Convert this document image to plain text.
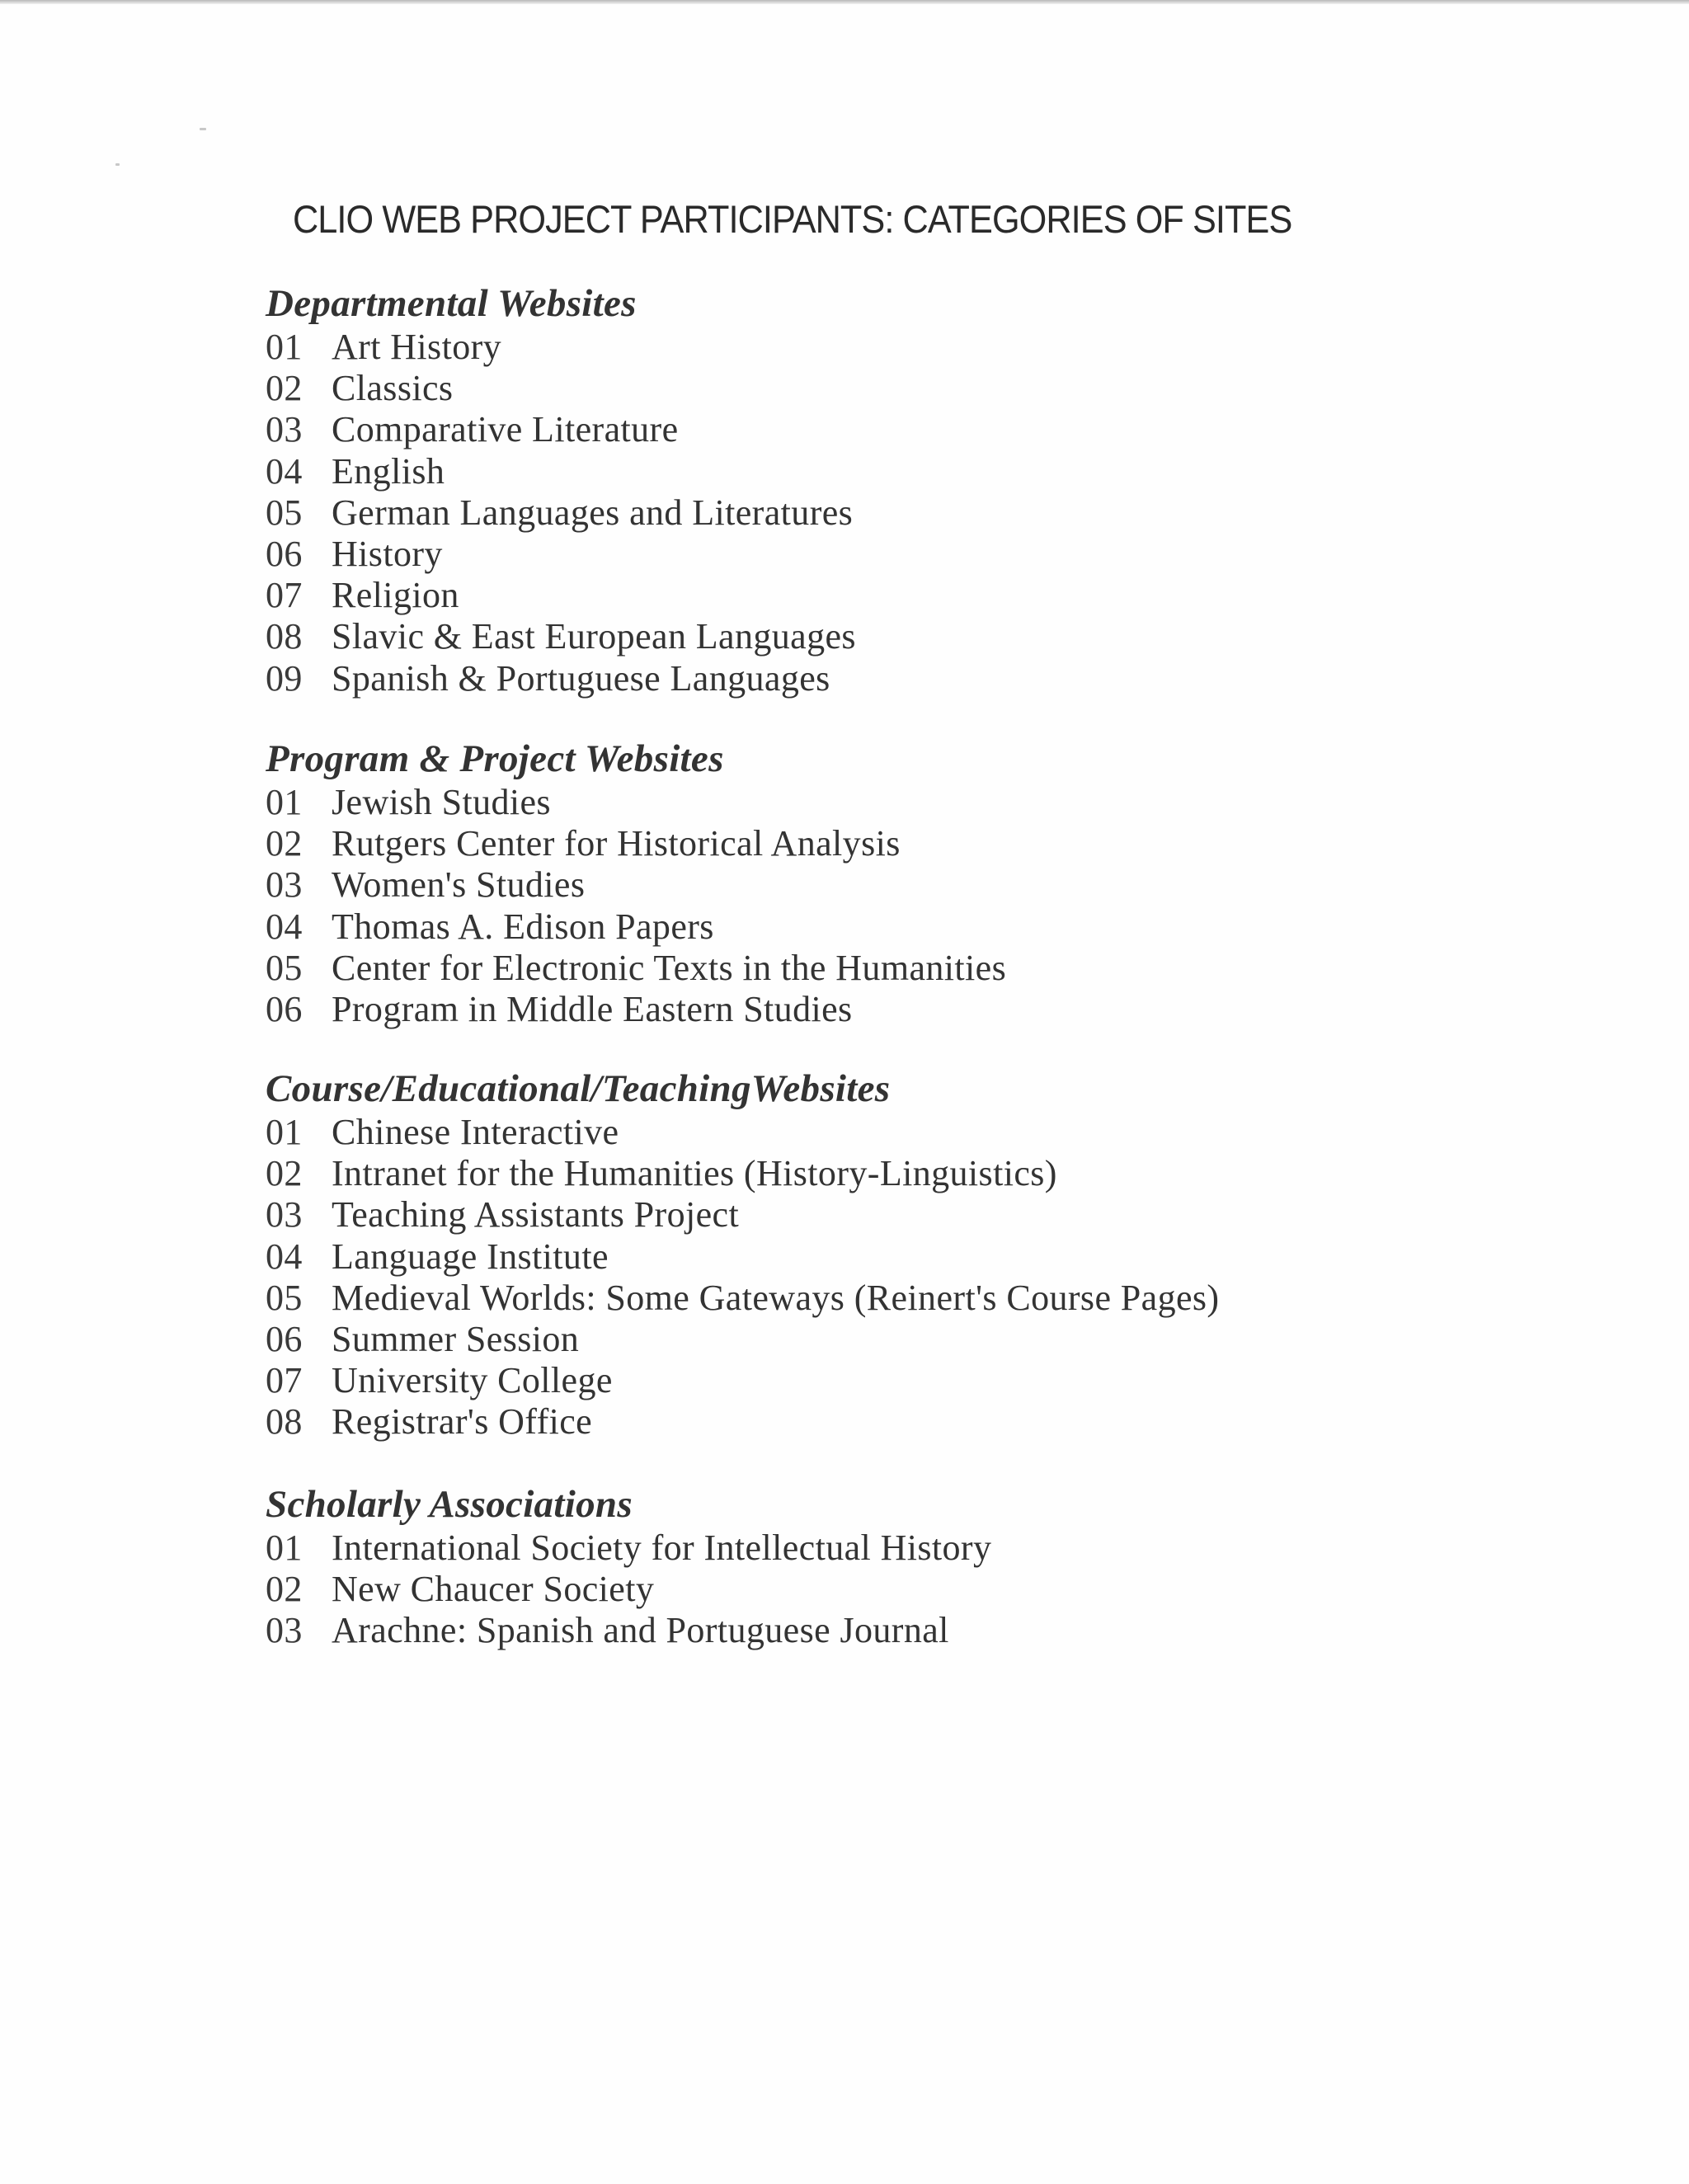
CLIO WEB PROJECT PARTICIPANTS: CATEGORIES OF SITES
Departmental Websites
01 Art History
02 Classics
03 Comparative Literature
04 English
05 German Languages and Literatures
06 History
07 Religion
08 Slavic & East European Languages
09 Spanish & Portuguese Languages
Program & Project Websites
01 Jewish Studies
02 Rutgers Center for Historical Analysis
03 Women's Studies
04 Thomas A. Edison Papers
05 Center for Electronic Texts in the Humanities
06 Program in Middle Eastern Studies
Course/Educational/TeachingWebsites
01 Chinese Interactive
02 Intranet for the Humanities (History-Linguistics)
03 Teaching Assistants Project
04 Language Institute
05 Medieval Worlds: Some Gateways (Reinert's Course Pages)
06 Summer Session
07 University College
08 Registrar's Office
Scholarly Associations
01 International Society for Intellectual History
02 New Chaucer Society
03 Arachne: Spanish and Portuguese Journal
